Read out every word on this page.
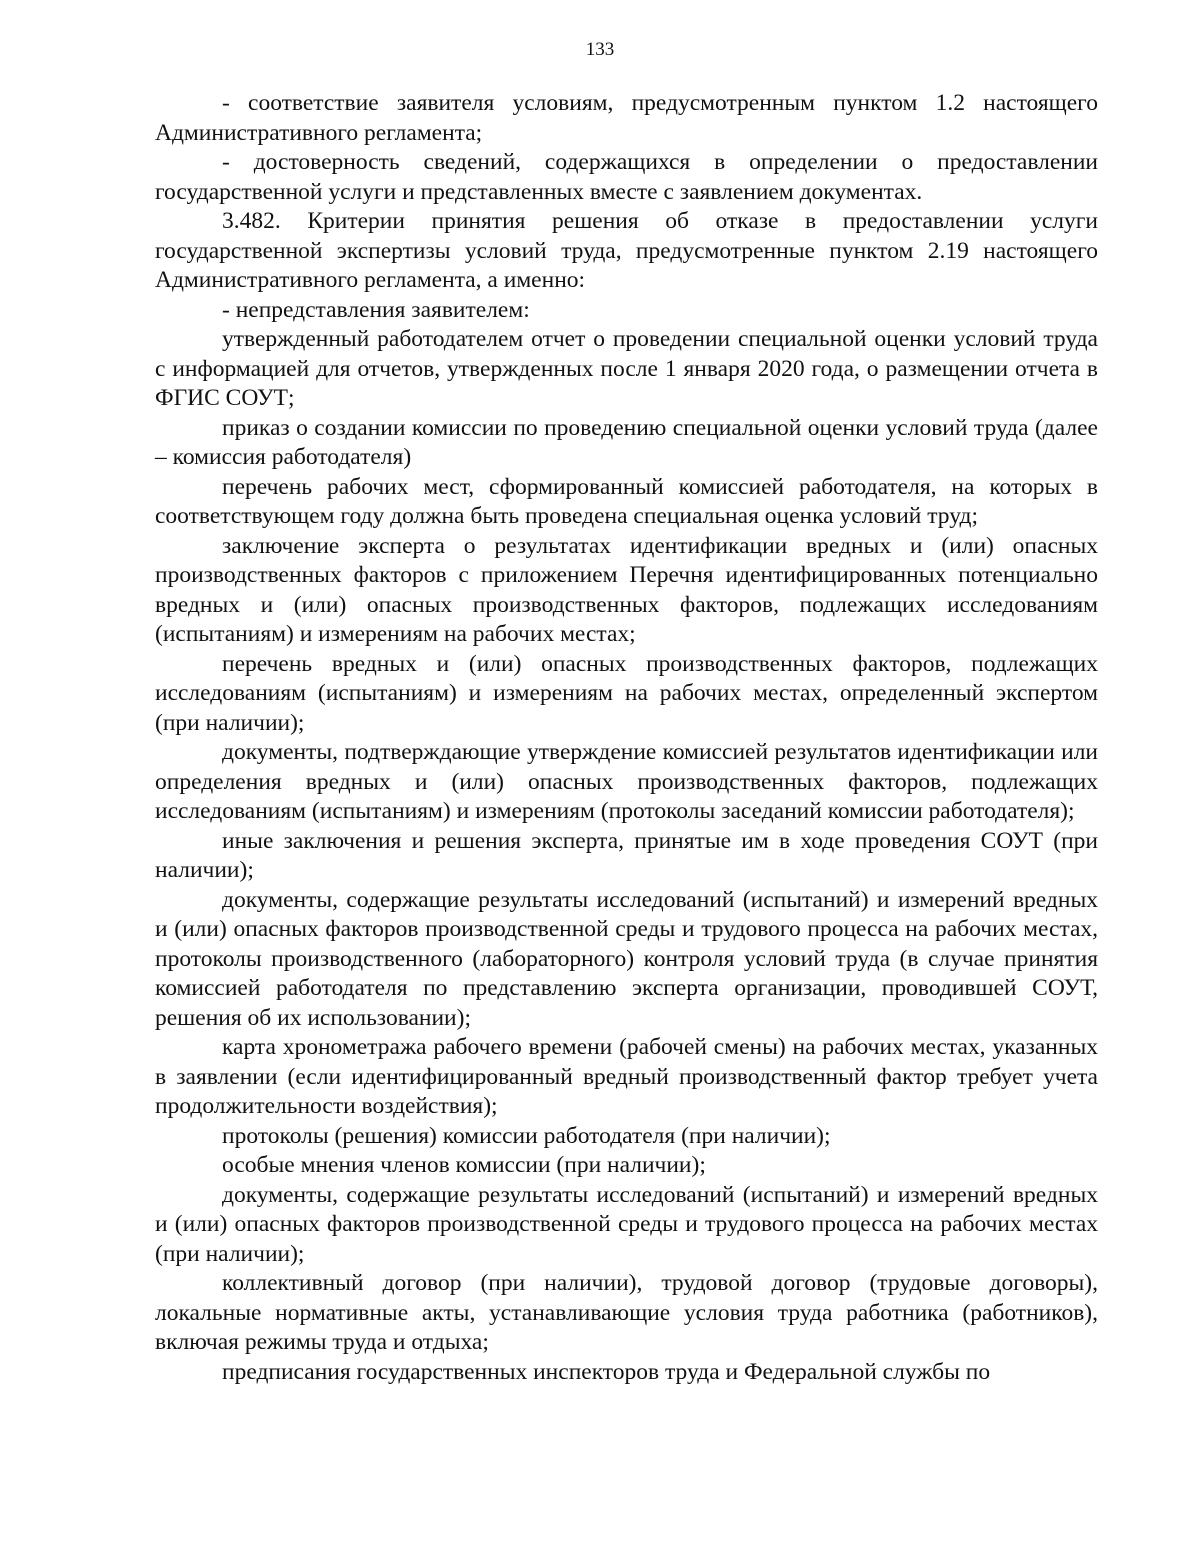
133

- соответствие заявителя условиям, предусмотренным пунктом 1.2 настоящего Административного регламента;

- достоверность сведений, содержащихся в определении о предоставлении государственной услуги и представленных вместе с заявлением документах.

3.482. Критерии принятия решения об отказе в предоставлении услуги государственной экспертизы условий труда, предусмотренные пунктом 2.19 настоящего Административного регламента, а именно:

- непредставления заявителем:

утвержденный работодателем отчет о проведении специальной оценки условий труда с информацией для отчетов, утвержденных после 1 января 2020 года, о размещении отчета в ФГИС СОУТ;

приказ о создании комиссии по проведению специальной оценки условий труда (далее – комиссия работодателя)

перечень рабочих мест, сформированный комиссией работодателя, на которых в соответствующем году должна быть проведена специальная оценка условий труд;

заключение эксперта о результатах идентификации вредных и (или) опасных производственных факторов с приложением Перечня идентифицированных потенциально вредных и (или) опасных производственных факторов, подлежащих исследованиям (испытаниям) и измерениям на рабочих местах;

перечень вредных и (или) опасных производственных факторов, подлежащих исследованиям (испытаниям) и измерениям на рабочих местах, определенный экспертом (при наличии);

документы, подтверждающие утверждение комиссией результатов идентификации или определения вредных и (или) опасных производственных факторов, подлежащих исследованиям (испытаниям) и измерениям (протоколы заседаний комиссии работодателя);

иные заключения и решения эксперта, принятые им в ходе проведения СОУТ (при наличии);

документы, содержащие результаты исследований (испытаний) и измерений вредных и (или) опасных факторов производственной среды и трудового процесса на рабочих местах, протоколы производственного (лабораторного) контроля условий труда (в случае принятия комиссией работодателя по представлению эксперта организации, проводившей СОУТ, решения об их использовании);

карта хронометража рабочего времени (рабочей смены) на рабочих местах, указанных в заявлении (если идентифицированный вредный производственный фактор требует учета продолжительности воздействия);

протоколы (решения) комиссии работодателя (при наличии);

особые мнения членов комиссии (при наличии);

документы, содержащие результаты исследований (испытаний) и измерений вредных и (или) опасных факторов производственной среды и трудового процесса на рабочих местах (при наличии);

коллективный договор (при наличии), трудовой договор (трудовые договоры), локальные нормативные акты, устанавливающие условия труда работника (работников), включая режимы труда и отдыха;

предписания государственных инспекторов труда и Федеральной службы по
